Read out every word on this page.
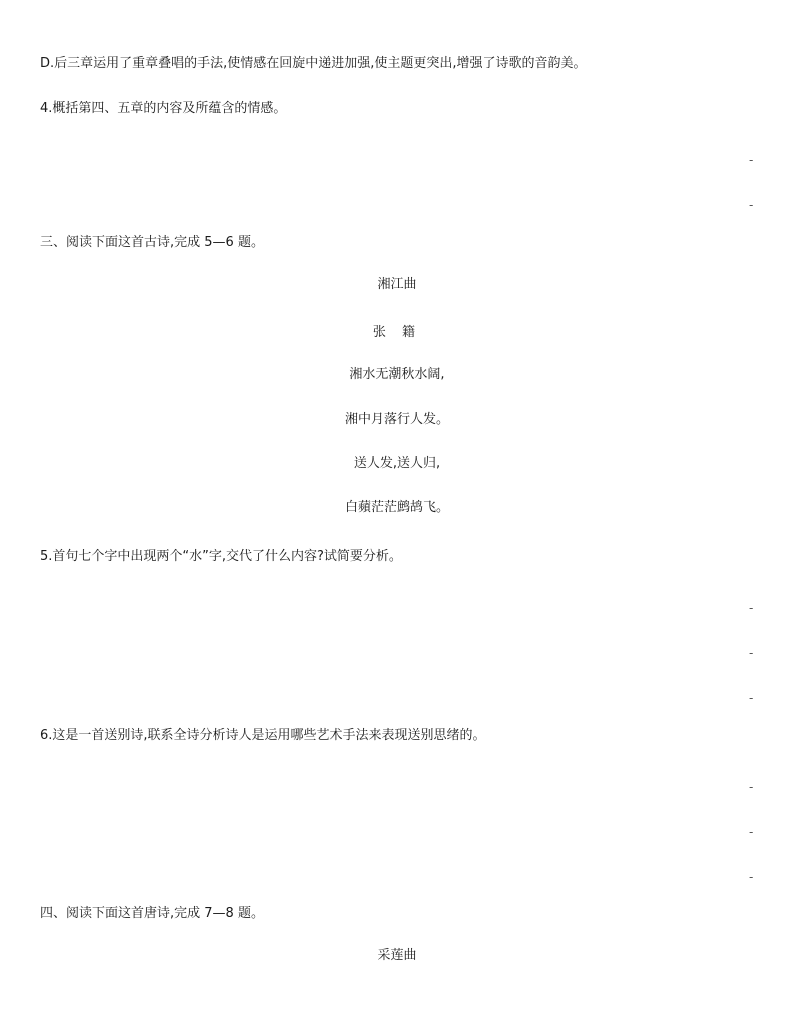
D.后三章运用了重章叠唱的手法,使情感在回旋中递进加强,使主题更突出,增强了诗歌的音韵美。
4.概括第四、五章的内容及所蕴含的情感。
-
-
三、阅读下面这首古诗,完成 5—6 题。
湘江曲
张 籍
湘水无潮秋水阔,
湘中月落行人发。
送人发,送人归,
白蘋茫茫鹧鸪飞。
5.首句七个字中出现两个“水”字,交代了什么内容?试简要分析。
-
-
-
6.这是一首送别诗,联系全诗分析诗人是运用哪些艺术手法来表现送别思绪的。
-
-
-
四、阅读下面这首唐诗,完成 7—8 题。
采莲曲
